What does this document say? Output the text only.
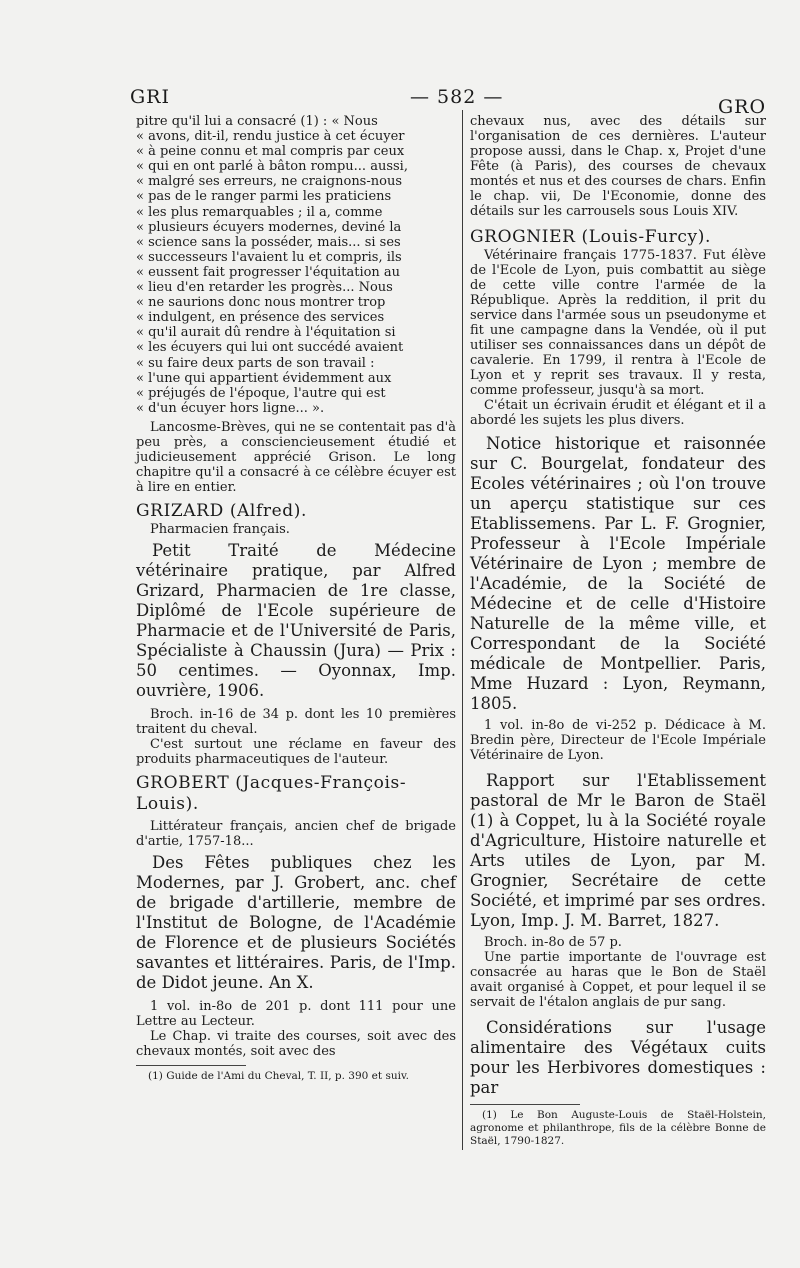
GRI	— 582 —	GRO
pitre qu'il lui a consacré (1) : « Nous
« avons, dit-il, rendu justice à cet écuyer
« à peine connu et mal compris par ceux
« qui en ont parlé à bâton rompu... aussi,
« malgré ses erreurs, ne craignons-nous
« pas de le ranger parmi les praticiens
« les plus remarquables ; il a, comme
« plusieurs écuyers modernes, deviné la
« science sans la posséder, mais... si ses
« successeurs l'avaient lu et compris, ils
« eussent fait progresser l'équitation au
« lieu d'en retarder les progrès... Nous
« ne saurions donc nous montrer trop
« indulgent, en présence des services
« qu'il aurait dû rendre à l'équitation si
« les écuyers qui lui ont succédé avaient
« su faire deux parts de son travail :
« l'une qui appartient évidemment aux
« préjugés de l'époque, l'autre qui est
« d'un écuyer hors ligne... ».

Lancosme-Brèves, qui ne se contentait pas d'à peu près, a consciencieusement étudié et judicieusement apprécié Grison. Le long chapitre qu'il a consacré à ce célèbre écuyer est à lire en entier.

GRIZARD (Alfred).

Pharmacien français.

Petit Traité de Médecine vétérinaire pratique, par Alfred Grizard, Pharmacien de 1re classe, Diplômé de l'Ecole supérieure de Pharmacie et de l'Université de Paris, Spécialiste à Chaussin (Jura) — Prix : 50 centimes. — Oyonnax, Imp. ouvrière, 1906.

Broch. in-16 de 34 p. dont les 10 premières traitent du cheval.

C'est surtout une réclame en faveur des produits pharmaceutiques de l'auteur.

GROBERT (Jacques-François-Louis).

Littérateur français, ancien chef de brigade d'artie, 1757-18...

Des Fêtes publiques chez les Modernes, par J. Grobert, anc. chef de brigade d'artillerie, membre de l'Institut de Bologne, de l'Académie de Florence et de plusieurs Sociétés savantes et littéraires. Paris, de l'Imp. de Didot jeune. An X.

1 vol. in-8o de 201 p. dont 111 pour une Lettre au Lecteur.

Le Chap. vi traite des courses, soit avec des chevaux montés, soit avec des

(1) Guide de l'Ami du Cheval, T. II, p. 390 et suiv.

chevaux nus, avec des détails sur l'organisation de ces dernières. L'auteur propose aussi, dans le Chap. x, Projet d'une Fête (à Paris), des courses de chevaux montés et nus et des courses de chars. Enfin le chap. vii, De l'Economie, donne des détails sur les carrousels sous Louis XIV.

GROGNIER (Louis-Furcy).

Vétérinaire français 1775-1837. Fut élève de l'Ecole de Lyon, puis combattit au siège de cette ville contre l'armée de la République. Après la reddition, il prit du service dans l'armée sous un pseudonyme et fit une campagne dans la Vendée, où il put utiliser ses connaissances dans un dépôt de cavalerie. En 1799, il rentra à l'Ecole de Lyon et y reprit ses travaux. Il y resta, comme professeur, jusqu'à sa mort.

C'était un écrivain érudit et élégant et il a abordé les sujets les plus divers.

Notice historique et raisonnée sur C. Bourgelat, fondateur des Ecoles vétérinaires ; où l'on trouve un aperçu statistique sur ces Etablissemens. Par L. F. Grognier, Professeur à l'Ecole Impériale Vétérinaire de Lyon ; membre de l'Académie, de la Société de Médecine et de celle d'Histoire Naturelle de la même ville, et Correspondant de la Société médicale de Montpellier. Paris, Mme Huzard : Lyon, Reymann, 1805.

1 vol. in-8o de vi-252 p. Dédicace à M. Bredin père, Directeur de l'Ecole Impériale Vétérinaire de Lyon.

Rapport sur l'Etablissement pastoral de Mr le Baron de Staël (1) à Coppet, lu à la Société royale d'Agriculture, Histoire naturelle et Arts utiles de Lyon, par M. Grognier, Secrétaire de cette Société, et imprimé par ses ordres. Lyon, Imp. J. M. Barret, 1827.

Broch. in-8o de 57 p.

Une partie importante de l'ouvrage est consacrée au haras que le Bon de Staël avait organisé à Coppet, et pour lequel il se servait de l'étalon anglais de pur sang.

Considérations sur l'usage alimentaire des Végétaux cuits pour les Herbivores domestiques : par

(1) Le Bon Auguste-Louis de Staël-Holstein, agronome et philanthrope, fils de la célèbre Bonne de Staël, 1790-1827.
